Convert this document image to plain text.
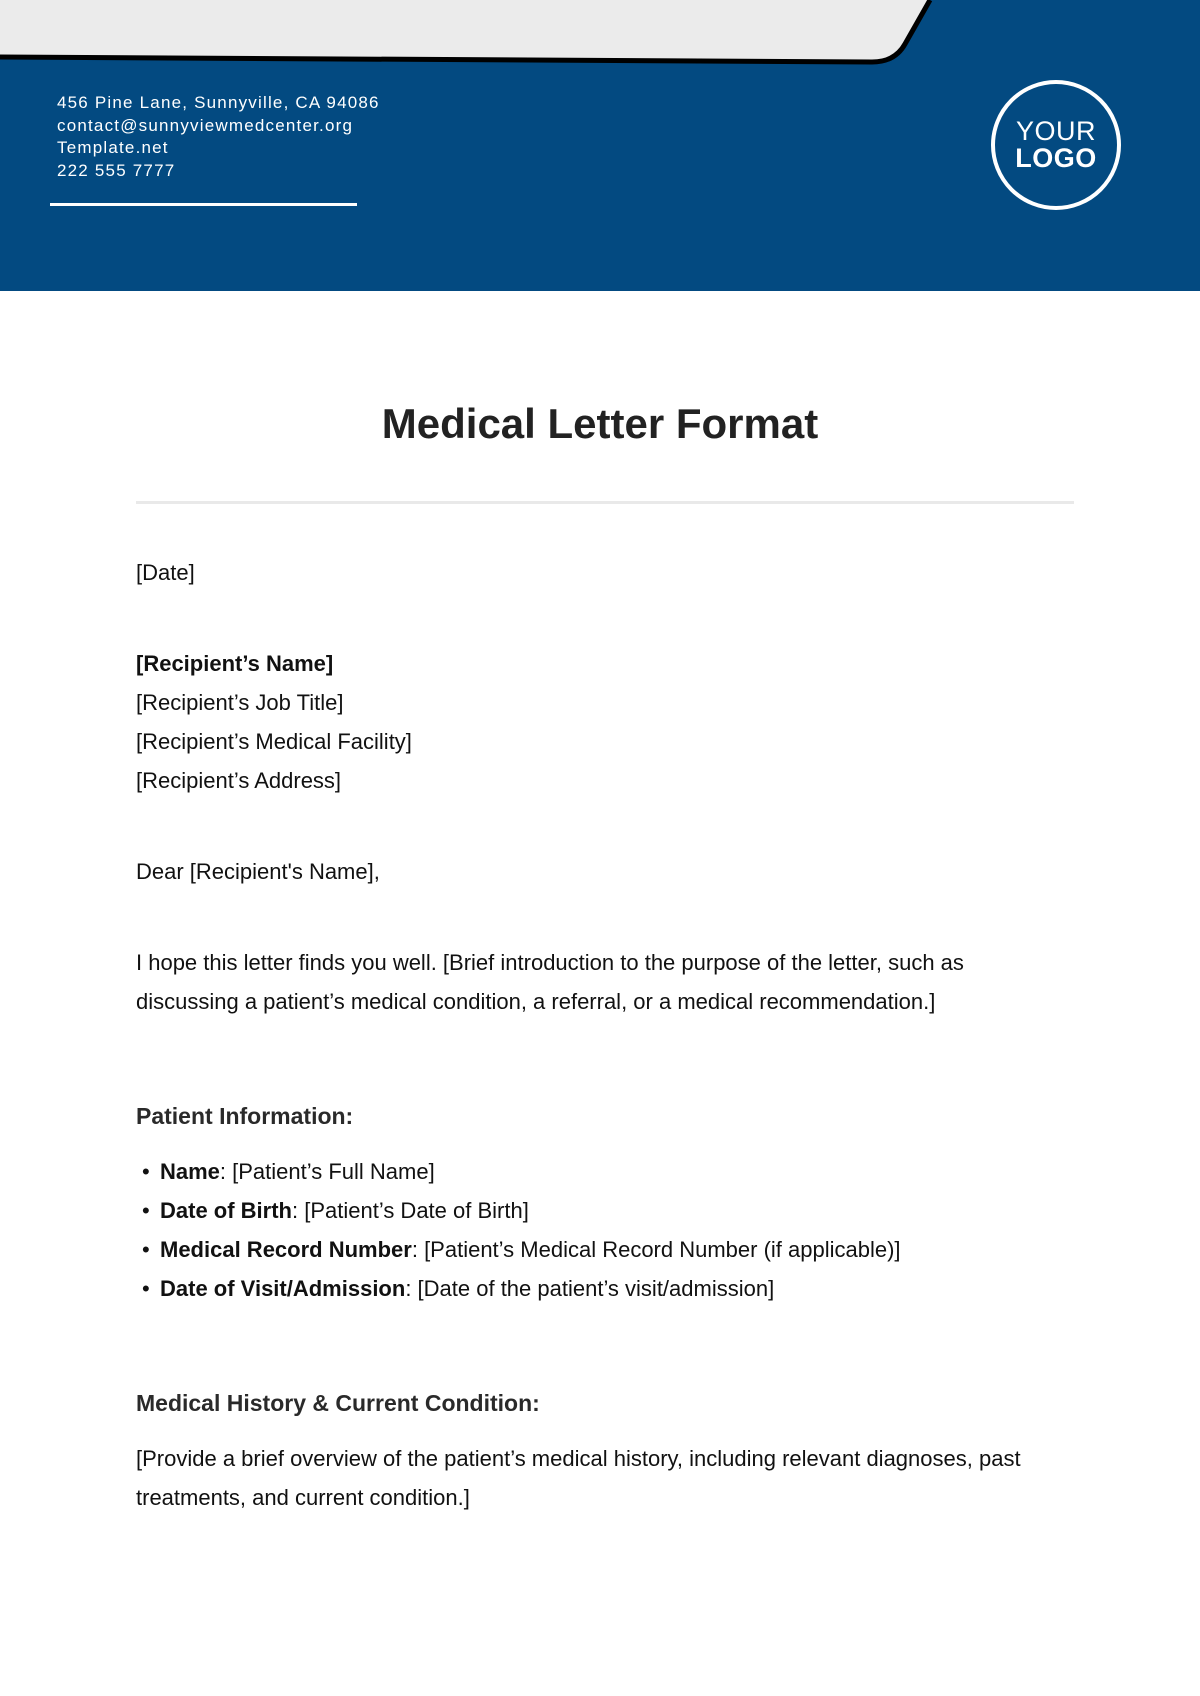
456 Pine Lane, Sunnyville, CA 94086
contact@sunnyviewmedcenter.org
Template.net
222 555 7777
YOUR
LOGO
Medical Letter Format

[Date]

[Recipient’s Name]

[Recipient’s Job Title]

[Recipient’s Medical Facility]

[Recipient’s Address]

Dear [Recipient's Name],

I hope this letter finds you well. [Brief introduction to the purpose of the letter, such as discussing a patient’s medical condition, a referral, or a medical recommendation.]

Patient Information:

• Name: [Patient’s Full Name]
• Date of Birth: [Patient’s Date of Birth]
• Medical Record Number: [Patient’s Medical Record Number (if applicable)]
• Date of Visit/Admission: [Date of the patient’s visit/admission]

Medical History & Current Condition:

[Provide a brief overview of the patient’s medical history, including relevant diagnoses, past treatments, and current condition.]
